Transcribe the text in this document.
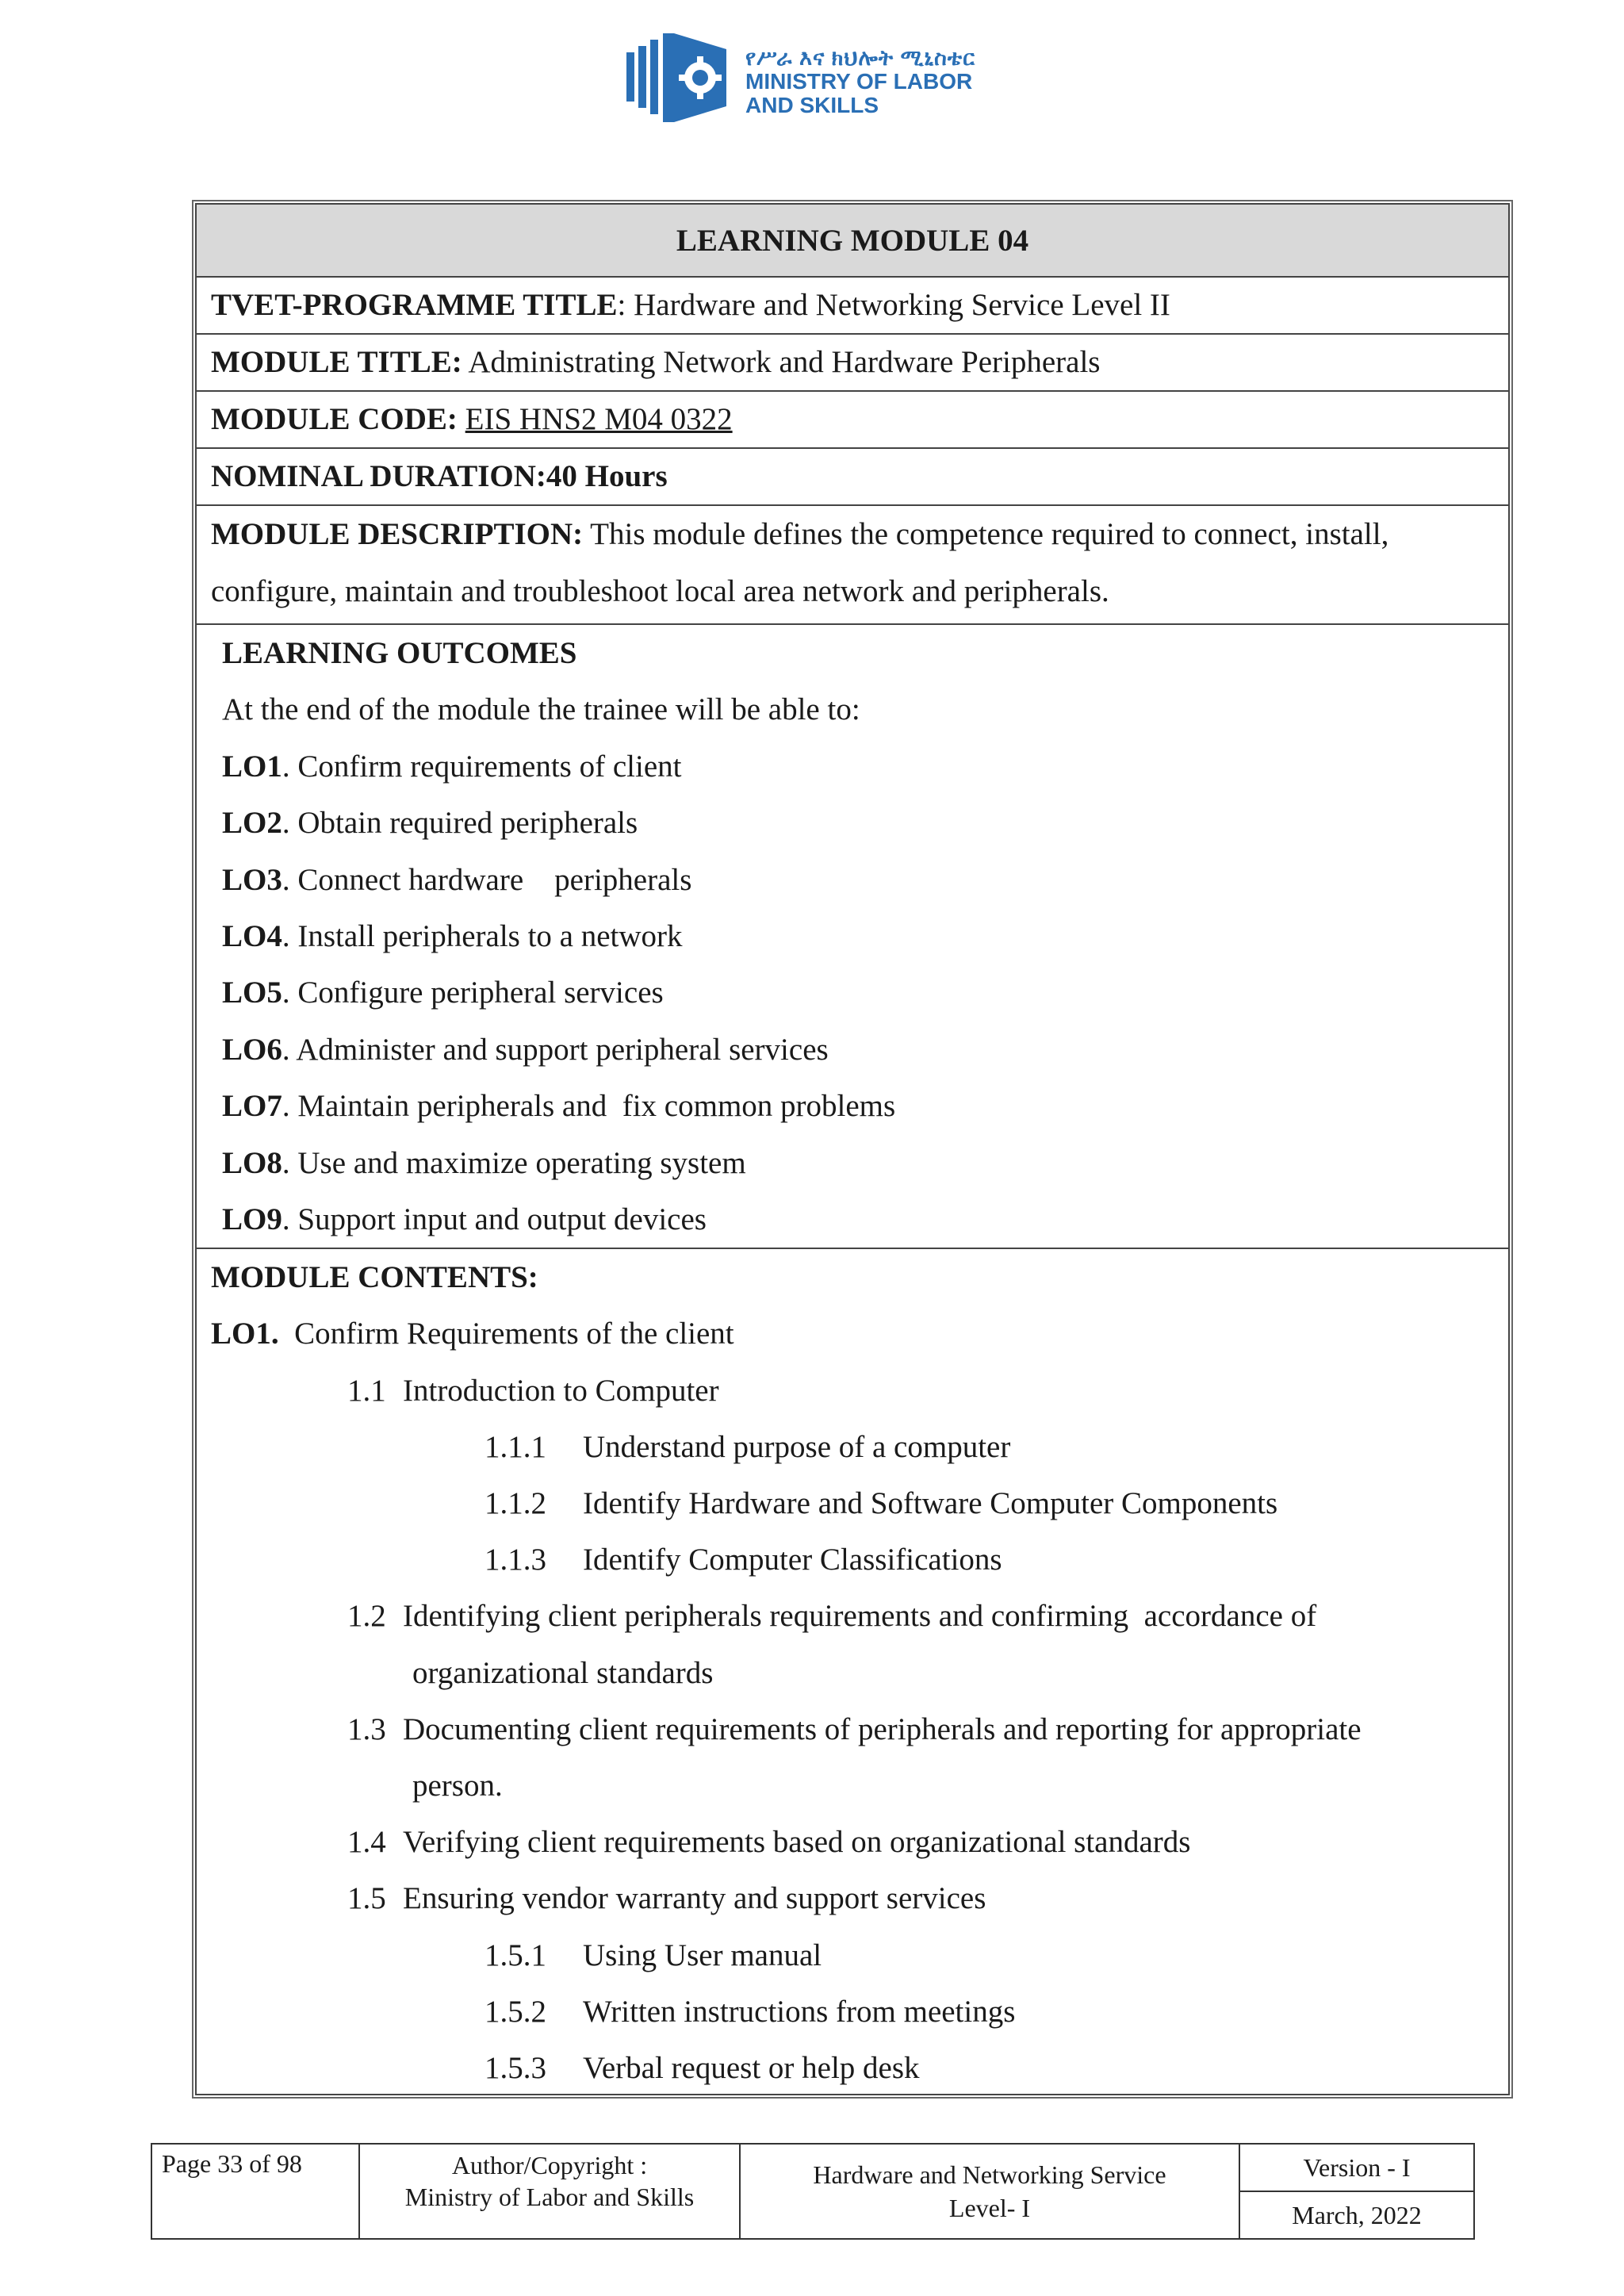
የሥራ እና ክህሎት ሚኒስቴር
MINISTRY OF LABOR
AND SKILLS
LEARNING MODULE 04
TVET-PROGRAMME TITLE: Hardware and Networking Service Level II
MODULE TITLE: Administrating Network and Hardware Peripherals
MODULE CODE: EIS HNS2 M04 0322
NOMINAL DURATION:40 Hours
MODULE DESCRIPTION: This module defines the competence required to connect, install,
configure, maintain and troubleshoot local area network and peripherals.
LEARNING OUTCOMES
At the end of the module the trainee will be able to:
LO1. Confirm requirements of client
LO2. Obtain required peripherals
LO3. Connect hardware    peripherals
LO4. Install peripherals to a network
LO5. Configure peripheral services
LO6. Administer and support peripheral services
LO7. Maintain peripherals and  fix common problems
LO8. Use and maximize operating system
LO9. Support input and output devices
MODULE CONTENTS:
LO1.  Confirm Requirements of the client
1.1 Introduction to Computer
1.1.1 Understand purpose of a computer
1.1.2 Identify Hardware and Software Computer Components
1.1.3 Identify Computer Classifications
1.2 Identifying client peripherals requirements and confirming  accordance of
organizational standards
1.3 Documenting client requirements of peripherals and reporting for appropriate
person.
1.4 Verifying client requirements based on organizational standards
1.5 Ensuring vendor warranty and support services
1.5.1 Using User manual
1.5.2 Written instructions from meetings
1.5.3 Verbal request or help desk
Page 33 of 98	Author/Copyright :
Ministry of Labor and Skills
Hardware and Networking Service
Level- I
Version - I
March, 2022
